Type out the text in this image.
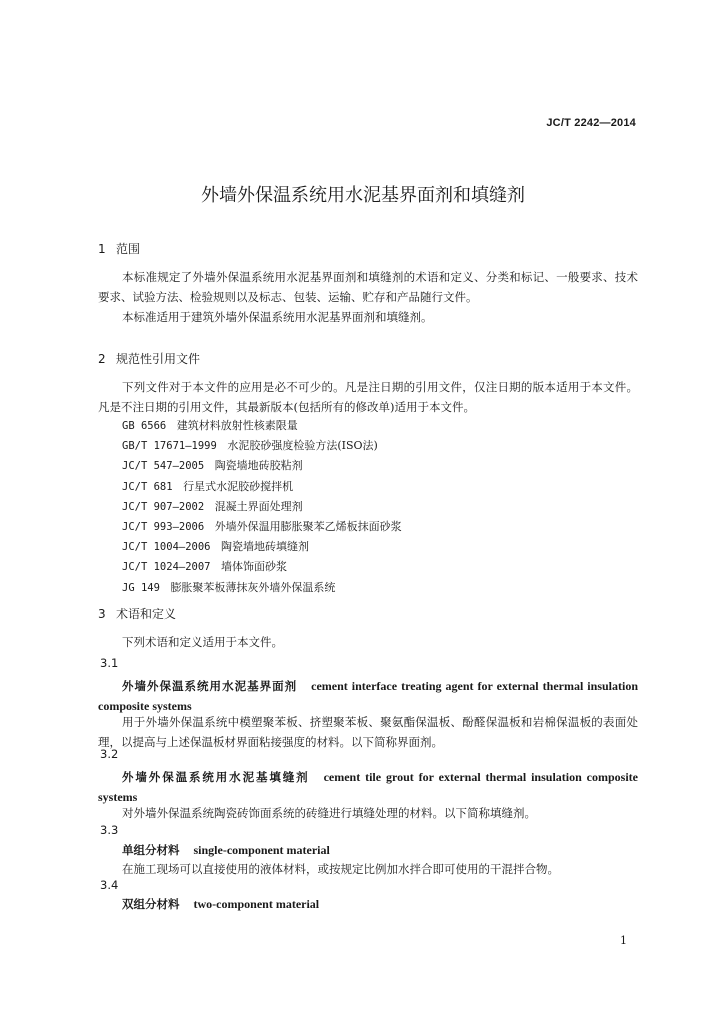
JC/T 2242—2014
外墙外保温系统用水泥基界面剂和填缝剂
1 范围

本标准规定了外墙外保温系统用水泥基界面剂和填缝剂的术语和定义、分类和标记、一般要求、技术要求、试验方法、检验规则以及标志、包装、运输、贮存和产品随行文件。

本标准适用于建筑外墙外保温系统用水泥基界面剂和填缝剂。

2 规范性引用文件

下列文件对于本文件的应用是必不可少的。凡是注日期的引用文件，仅注日期的版本适用于本文件。凡是不注日期的引用文件，其最新版本(包括所有的修改单)适用于本文件。

GB 6566 建筑材料放射性核素限量
GB/T 17671—1999 水泥胶砂强度检验方法(ISO法)
JC/T 547—2005 陶瓷墙地砖胶粘剂
JC/T 681 行星式水泥胶砂搅拌机
JC/T 907—2002 混凝土界面处理剂
JC/T 993—2006 外墙外保温用膨胀聚苯乙烯板抹面砂浆
JC/T 1004—2006 陶瓷墙地砖填缝剂
JC/T 1024—2007 墙体饰面砂浆
JG 149 膨胀聚苯板薄抹灰外墙外保温系统
3 术语和定义

下列术语和定义适用于本文件。

3.1

外墙外保温系统用水泥基界面剂 cement interface treating agent for external thermal insulation composite systems

用于外墙外保温系统中模塑聚苯板、挤塑聚苯板、聚氨酯保温板、酚醛保温板和岩棉保温板的表面处理，以提高与上述保温板材界面粘接强度的材料。以下简称界面剂。

3.2

外墙外保温系统用水泥基填缝剂 cement tile grout for external thermal insulation composite systems

对外墙外保温系统陶瓷砖饰面系统的砖缝进行填缝处理的材料。以下简称填缝剂。

3.3

单组分材料 single-component material

在施工现场可以直接使用的液体材料，或按规定比例加水拌合即可使用的干混拌合物。

3.4

双组分材料 two-component material

1
